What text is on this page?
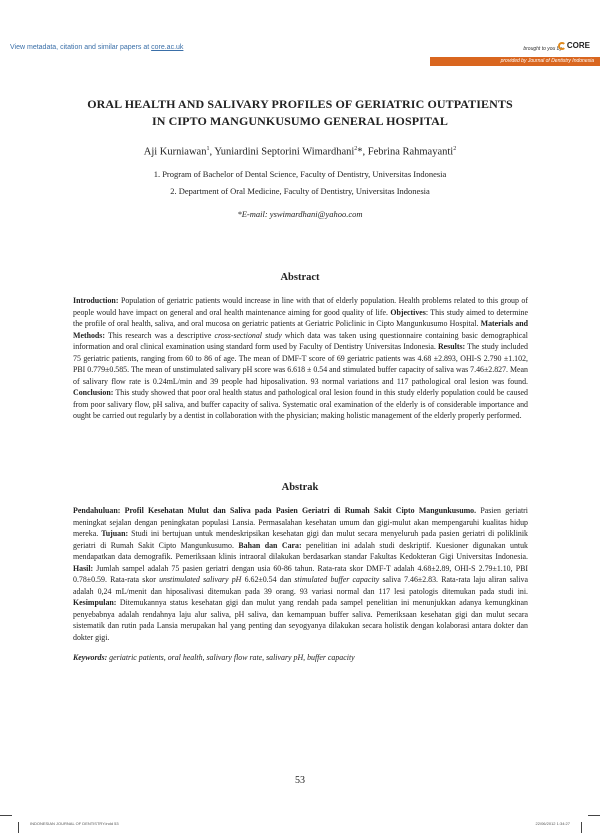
View metadata, citation and similar papers at core.ac.uk	brought to you by CORE
provided by Journal of Dentistry Indonesia
ORAL HEALTH AND SALIVARY PROFILES OF GERIATRIC OUTPATIENTS
IN CIPTO MANGUNKUSUMO GENERAL HOSPITAL
Aji Kurniawan$^1$, Yuniardini Septorini Wimardhani$^2$*, Febrina Rahmayanti$^2$
1. Program of Bachelor of Dental Science, Faculty of Dentistry, Universitas Indonesia
2. Department of Oral Medicine, Faculty of Dentistry, Universitas Indonesia
*E-mail: yswimardhani@yahoo.com
Abstract
Introduction: Population of geriatric patients would increase in line with that of elderly population. Health problems related to this group of people would have impact on general and oral health maintenance aiming for good quality of life. Objectives: This study aimed to determine the profile of oral health, saliva, and oral mucosa on geriatric patients at Geriatric Policlinic in Cipto Mangunkusumo Hospital. Materials and Methods: This research was a descriptive cross-sectional study which data was taken using questionnaire containing basic demographical information and oral clinical examination using standard form used by Faculty of Dentistry Universitas Indonesia. Results: The study included 75 geriatric patients, ranging from 60 to 86 of age. The mean of DMF-T score of 69 geriatric patients was 4.68 ±2.893, OHI-S 2.790 ±1.102, PBI 0.779±0.585. The mean of unstimulated salivary pH score was 6.618 ± 0.54 and stimulated buffer capacity of saliva was 7.46±2.827. Mean of salivary flow rate is 0.24mL/min and 39 people had hiposalivation. 93 normal variations and 117 pathological oral lesion was found. Conclusion: This study showed that poor oral health status and pathological oral lesion found in this study elderly population could be caused from poor salivary flow, pH saliva, and buffer capacity of saliva. Systematic oral examination of the elderly is of considerable importance and ought be carried out regularly by a dentist in collaboration with the physician; making holistic management of the elderly properly performed.
Abstrak
Pendahuluan: Profil Kesehatan Mulut dan Saliva pada Pasien Geriatri di Rumah Sakit Cipto Mangunkusumo. Pasien geriatri meningkat sejalan dengan peningkatan populasi Lansia. Permasalahan kesehatan umum dan gigi-mulut akan mempengaruhi kualitas hidup mereka. Tujuan: Studi ini bertujuan untuk mendeskripsikan kesehatan gigi dan mulut secara menyeluruh pada pasien geriatri di poliklinik geriatri di Rumah Sakit Cipto Mangunkusumo. Bahan dan Cara: penelitian ini adalah studi deskriptif. Kuesioner digunakan untuk mendapatkan data demografik. Pemeriksaan klinis intraoral dilakukan berdasarkan standar Fakultas Kedokteran Gigi Universitas Indonesia. Hasil: Jumlah sampel adalah 75 pasien geriatri dengan usia 60-86 tahun. Rata-rata skor DMF-T adalah 4.68±2.89, OHI-S 2.79±1.10, PBI 0.78±0.59. Rata-rata skor unstimulated salivary pH 6.62±0.54 dan stimulated buffer capacity saliva 7.46±2.83. Rata-rata laju aliran saliva adalah 0,24 mL/menit dan hiposalivasi ditemukan pada 39 orang. 93 variasi normal dan 117 lesi patologis ditemukan pada studi ini. Kesimpulan: Ditemukannya status kesehatan gigi dan mulut yang rendah pada sampel penelitian ini menunjukkan adanya kemungkinan penyebabnya adalah rendahnya laju alur saliva, pH saliva, dan kemampuan buffer saliva. Pemeriksaan kesehatan gigi dan mulut secara sistematik dan rutin pada Lansia merupakan hal yang penting dan seyogyanya dilakukan secara holistik dengan kolaborasi antara dokter dan dokter gigi.
Keywords: geriatric patients, oral health, salivary flow rate, salivary pH, buffer capacity
53
INDONESIAN JOURNAL OF DENTISTRY.indd 53	22/06/2012 1:34:27
